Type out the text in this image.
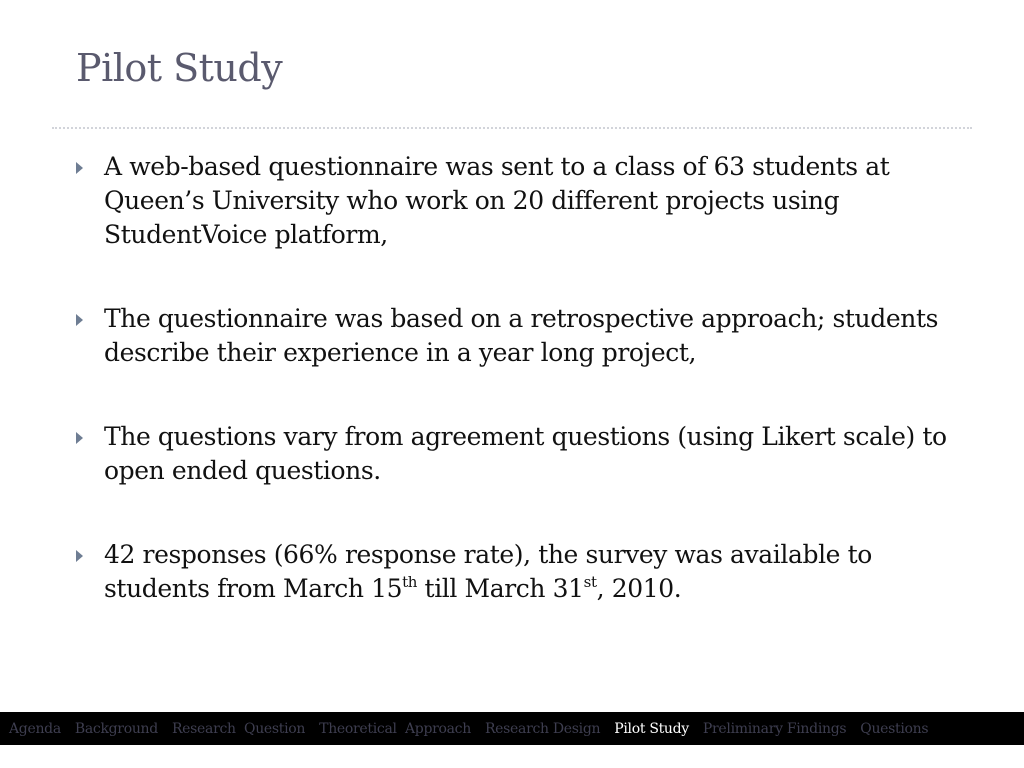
Pilot Study
A web-based questionnaire was sent to a class of 63 students at Queen’s University who work on 20 different projects using StudentVoice platform,
The questionnaire was based on a retrospective approach; students describe their experience in a year long project,
The questions vary from agreement questions (using Likert scale) to open ended questions.
42 responses (66% response rate), the survey was available to students from March 15th till March 31st, 2010.
Agenda Background Research  Question Theoretical  Approach Research Design Pilot Study Preliminary Findings Questions
